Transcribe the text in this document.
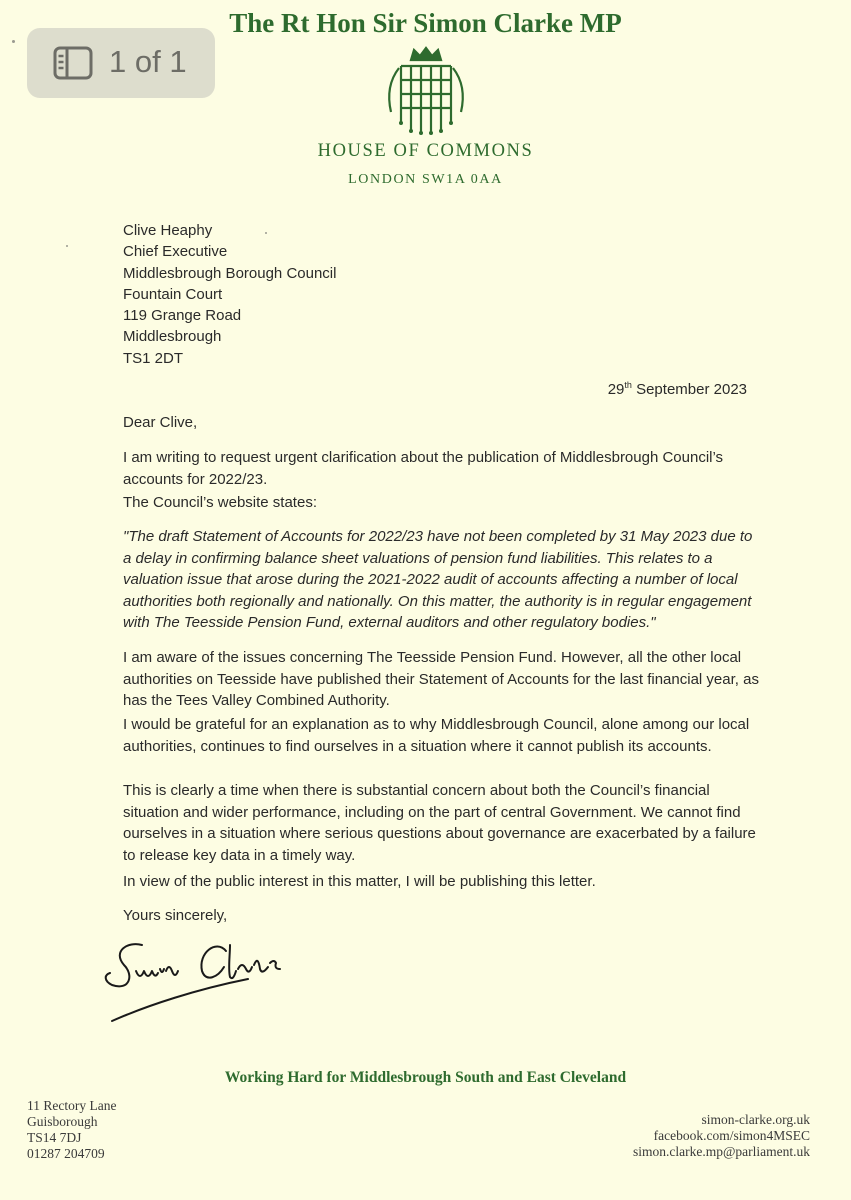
The Rt Hon Sir Simon Clarke MP
HOUSE OF COMMONS
LONDON SW1A 0AA
1 of 1
Clive Heaphy
Chief Executive
Middlesbrough Borough Council
Fountain Court
119 Grange Road
Middlesbrough
TS1 2DT
29th September 2023

Dear Clive,

I am writing to request urgent clarification about the publication of Middlesbrough Council’s accounts for 2022/23.

The Council’s website states:

"The draft Statement of Accounts for 2022/23 have not been completed by 31 May 2023 due to a delay in confirming balance sheet valuations of pension fund liabilities. This relates to a valuation issue that arose during the 2021-2022 audit of accounts affecting a number of local authorities both regionally and nationally. On this matter, the authority is in regular engagement with The Teesside Pension Fund, external auditors and other regulatory bodies."

I am aware of the issues concerning The Teesside Pension Fund. However, all the other local authorities on Teesside have published their Statement of Accounts for the last financial year, as has the Tees Valley Combined Authority.

I would be grateful for an explanation as to why Middlesbrough Council, alone among our local authorities, continues to find ourselves in a situation where it cannot publish its accounts.

This is clearly a time when there is substantial concern about both the Council’s financial situation and wider performance, including on the part of central Government. We cannot find ourselves in a situation where serious questions about governance are exacerbated by a failure to release key data in a timely way.

In view of the public interest in this matter, I will be publishing this letter.

Yours sincerely,

Working Hard for Middlesbrough South and East Cleveland
11 Rectory Lane
Guisborough
TS14 7DJ
01287 204709
simon-clarke.org.uk
facebook.com/simon4MSEC
simon.clarke.mp@parliament.uk
